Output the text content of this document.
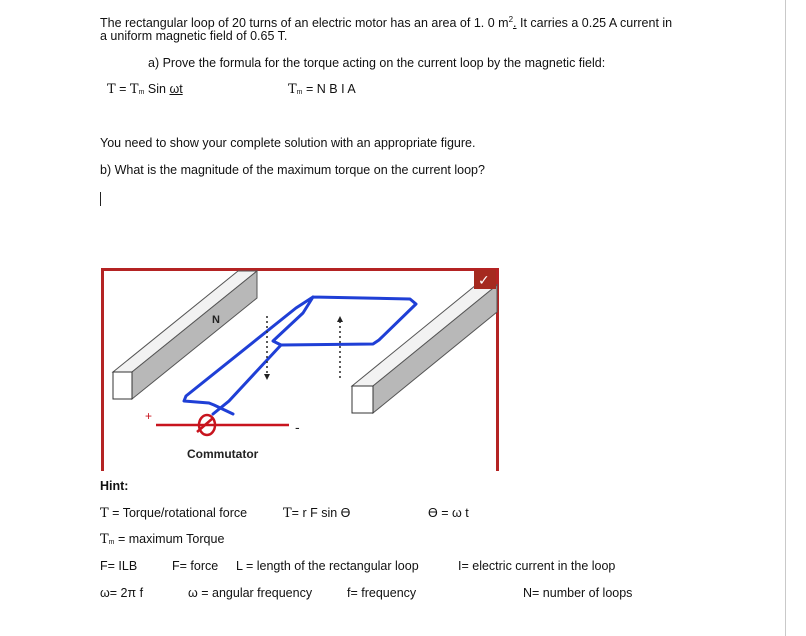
The rectangular loop of 20 turns of an electric motor has an area of 1. 0 $m^2$. It carries a 0.25 A current in
a uniform magnetic field of 0.65 T.
a) Prove the formula for the torque acting on the current loop by the magnetic field:
T = Tm Sin ωt	Tm = N B I A
You need to show your complete solution with an appropriate figure.
b) What is the magnitude of the maximum torque on the current loop?
N
+
-
Commutator
✓
Hint:
T = Torque/rotational force	T= r F sin ϴ	ϴ = ω t
Tm = maximum Torque
F= ILB	F= force L = length of the rectangular loop	I= electric current in the loop
ω= 2π f	ω = angular frequency	f= frequency	N= number of loops
